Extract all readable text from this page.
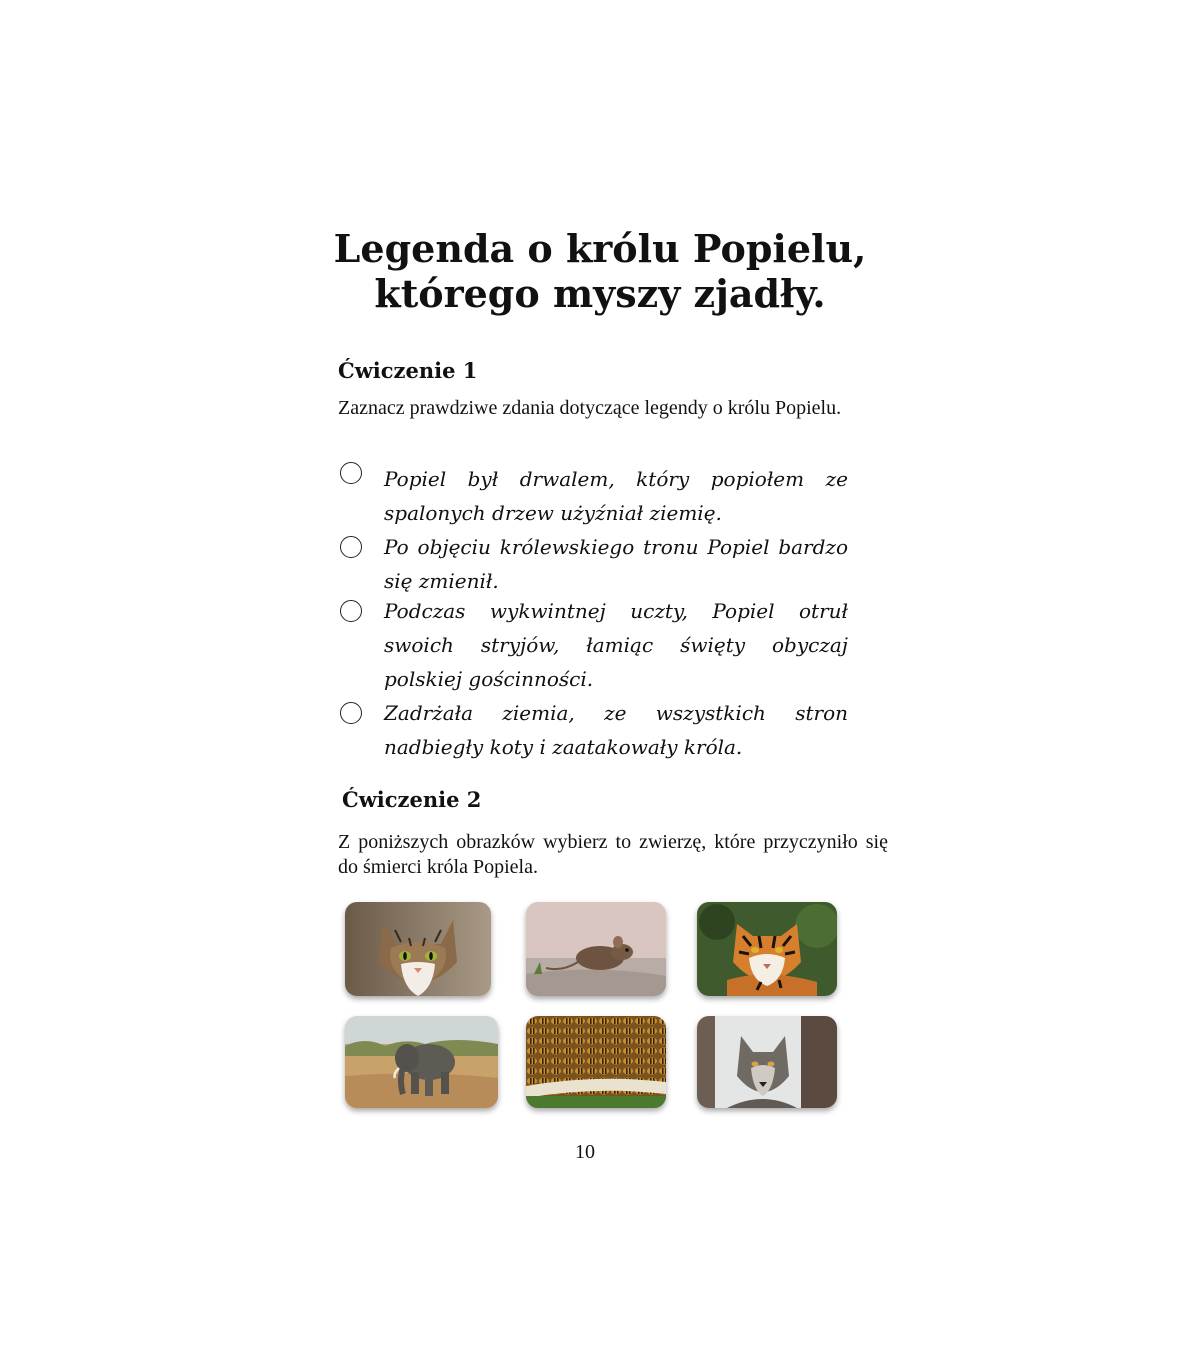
Legenda o królu Popielu,
którego myszy zjadły.
Ćwiczenie 1
Zaznacz prawdziwe zdania dotyczące legendy o królu Popielu.
Popiel był drwalem, który popiołem ze spalonych drzew użyźniał ziemię.
Po objęciu królewskiego tronu Popiel bardzo się zmienił.
Podczas wykwintnej uczty, Popiel otruł swoich stryjów, łamiąc święty obyczaj polskiej gościnności.
Zadrżała ziemia, ze wszystkich stron nadbiegły koty i zaatakowały króla.
Ćwiczenie 2
Z poniższych obrazków wybierz to zwierzę, które przyczyniło się do śmierci króla Popiela.
10
